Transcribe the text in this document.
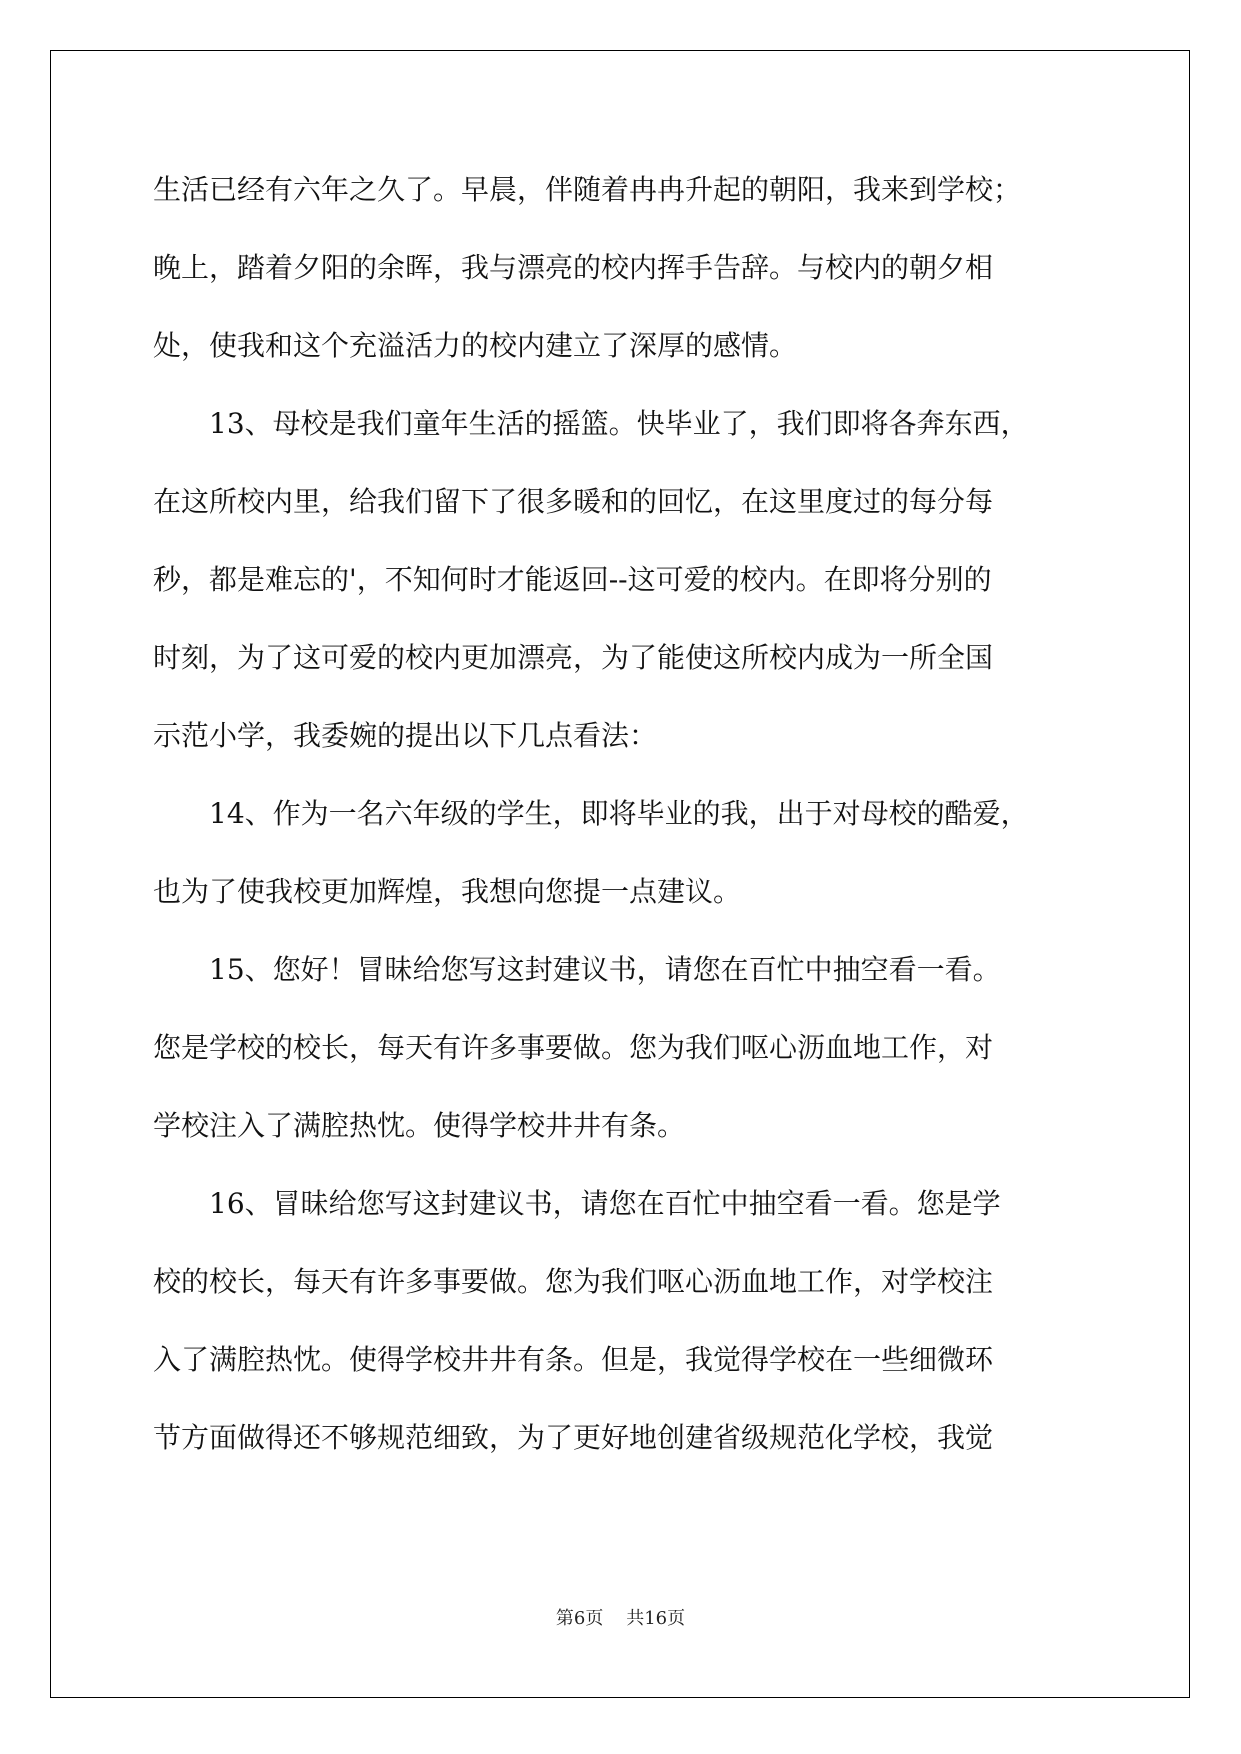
生活已经有六年之久了。早晨，伴随着冉冉升起的朝阳，我来到学校；
晚上，踏着夕阳的余晖，我与漂亮的校内挥手告辞。与校内的朝夕相
处，使我和这个充溢活力的校内建立了深厚的感情。
　　13、母校是我们童年生活的摇篮。快毕业了，我们即将各奔东西，
在这所校内里，给我们留下了很多暖和的回忆，在这里度过的每分每
秒，都是难忘的'，不知何时才能返回--这可爱的校内。在即将分别的
时刻，为了这可爱的校内更加漂亮，为了能使这所校内成为一所全国
示范小学，我委婉的提出以下几点看法：
　　14、作为一名六年级的学生，即将毕业的我，出于对母校的酷爱，
也为了使我校更加辉煌，我想向您提一点建议。
　　15、您好！冒昧给您写这封建议书，请您在百忙中抽空看一看。
您是学校的校长，每天有许多事要做。您为我们呕心沥血地工作，对
学校注入了满腔热忱。使得学校井井有条。
　　16、冒昧给您写这封建议书，请您在百忙中抽空看一看。您是学
校的校长，每天有许多事要做。您为我们呕心沥血地工作，对学校注
入了满腔热忱。使得学校井井有条。但是，我觉得学校在一些细微环
节方面做得还不够规范细致，为了更好地创建省级规范化学校，我觉
第6页 共16页
